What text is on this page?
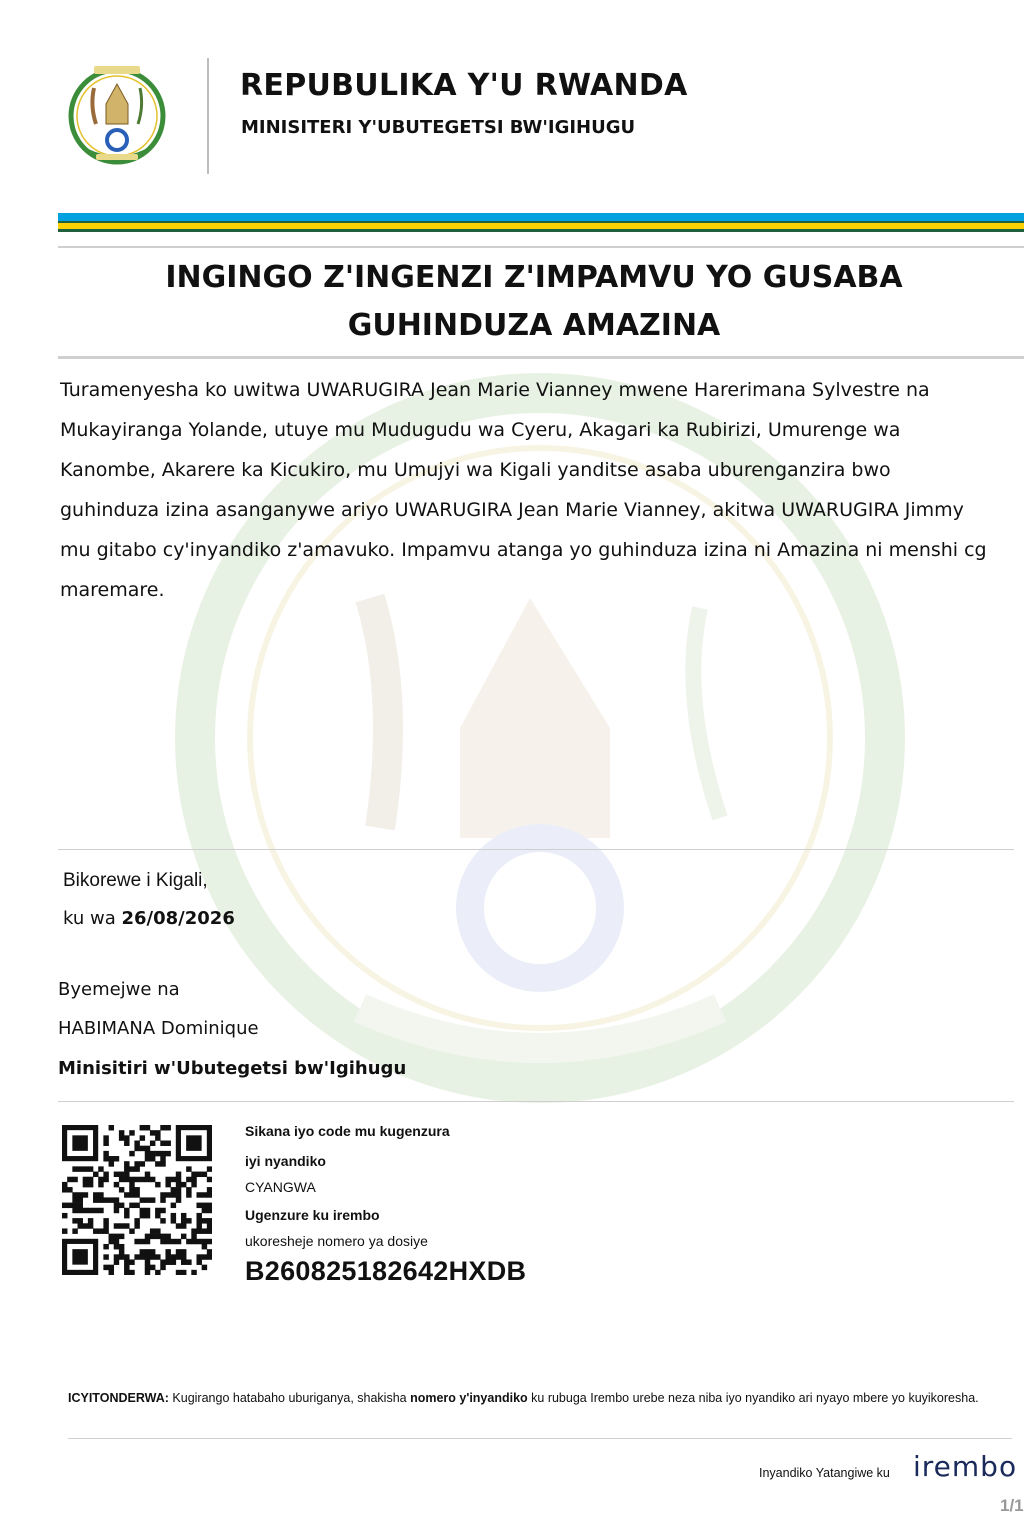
REPUBULIKA Y'U RWANDA
MINISITERI Y'UBUTEGETSI BW'IGIHUGU
INGINGO Z'INGENZI Z'IMPAMVU YO GUSABA GUHINDUZA AMAZINA
Turamenyesha ko uwitwa UWARUGIRA Jean Marie Vianney mwene Harerimana Sylvestre na Mukayiranga Yolande, utuye mu Mudugudu wa Cyeru, Akagari ka Rubirizi, Umurenge wa Kanombe, Akarere ka Kicukiro, mu Umujyi wa Kigali yanditse asaba uburenganzira bwo guhinduza izina asanganywe ariyo UWARUGIRA Jean Marie Vianney, akitwa UWARUGIRA Jimmy mu gitabo cy'inyandiko z'amavuko. Impamvu atanga yo guhinduza izina ni Amazina ni menshi cg maremare.
Bikorewe i Kigali,
ku wa 26/08/2026
Byemejwe na
HABIMANA Dominique
Minisitiri w'Ubutegetsi bw'Igihugu
Sikana iyo code mu kugenzura
iyi nyandiko
CYANGWA
Ugenzure ku irembo
ukoresheje nomero ya dosiye
B260825182642HXDB
ICYITONDERWA: Kugirango hatabaho uburiganya, shakisha nomero y'inyandiko ku rubuga Irembo urebe neza niba iyo nyandiko ari nyayo mbere yo kuyikoresha.
Inyandiko Yatangiwe ku irembo
1/1
